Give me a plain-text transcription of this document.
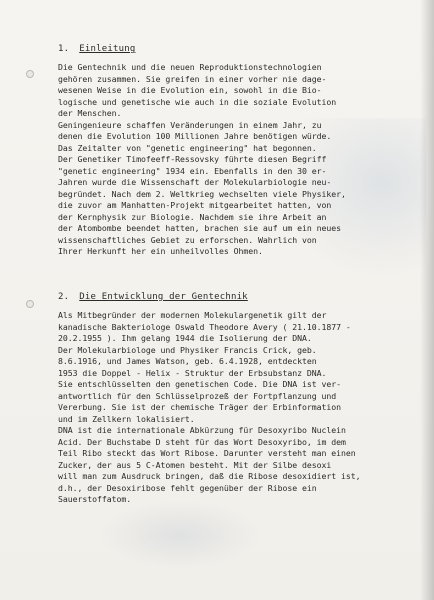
1. Einleitung
Die Gentechnik und die neuen Reproduktionstechnologien
gehören zusammen. Sie greifen in einer vorher nie dage-
wesenen Weise in die Evolution ein, sowohl in die Bio-
logische und genetische wie auch in die soziale Evolution
der Menschen.
Geningenieure schaffen Veränderungen in einem Jahr, zu
denen die Evolution 100 Millionen Jahre benötigen würde.
Das Zeitalter von "genetic engineering" hat begonnen.
Der Genetiker Timofeeff-Ressovsky führte diesen Begriff
"genetic engineering" 1934 ein. Ebenfalls in den 30 er-
Jahren wurde die Wissenschaft der Molekularbiologie neu-
begründet. Nach dem 2. Weltkrieg wechselten viele Physiker,
die zuvor am Manhatten-Projekt mitgearbeitet hatten, von
der Kernphysik zur Biologie. Nachdem sie ihre Arbeit an
der Atombombe beendet hatten, brachen sie auf um ein neues
wissenschaftliches Gebiet zu erforschen. Wahrlich von
Ihrer Herkunft her ein unheilvolles Ohmen.
2. Die Entwicklung der Gentechnik
Als Mitbegründer der modernen Molekulargenetik gilt der
kanadische Bakteriologe Oswald Theodore Avery ( 21.10.1877 -
20.2.1955 ). Ihm gelang 1944 die Isolierung der DNA.
Der Molekularbiologe und Physiker Francis Crick, geb.
8.6.1916, und James Watson, geb. 6.4.1928, entdeckten
1953 die Doppel - Helix - Struktur der Erbsubstanz DNA.
Sie entschlüsselten den genetischen Code. Die DNA ist ver-
antwortlich für den Schlüsselprozeß der Fortpflanzung und
Vererbung. Sie ist der chemische Träger der Erbinformation
und im Zellkern lokalisiert.
DNA ist die internationale Abkürzung für Desoxyribo Nuclein
Acid. Der Buchstabe D steht für das Wort Desoxyribo, im dem
Teil Ribo steckt das Wort Ribose. Darunter versteht man einen
Zucker, der aus 5 C-Atomen besteht. Mit der Silbe desoxi
will man zum Ausdruck bringen, daß die Ribose desoxidiert ist,
d.h., der Desoxiribose fehlt gegenüber der Ribose ein
Sauerstoffatom.
